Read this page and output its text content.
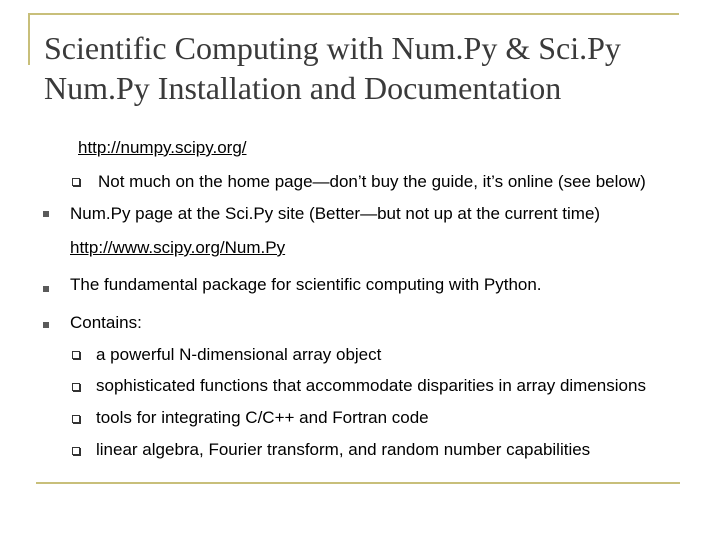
Scientific Computing with Num.Py & Sci.Py
Num.Py Installation and Documentation
http://numpy.scipy.org/
Not much on the home page—don’t buy the guide, it’s online (see below)
Num.Py page at the Sci.Py site (Better—but not up at the current time)
http://www.scipy.org/Num.Py
The fundamental package for scientific computing with Python.
Contains:
a powerful N-dimensional array object
sophisticated functions that accommodate disparities in array dimensions
tools for integrating C/C++ and Fortran code
linear algebra, Fourier transform, and random number capabilities
